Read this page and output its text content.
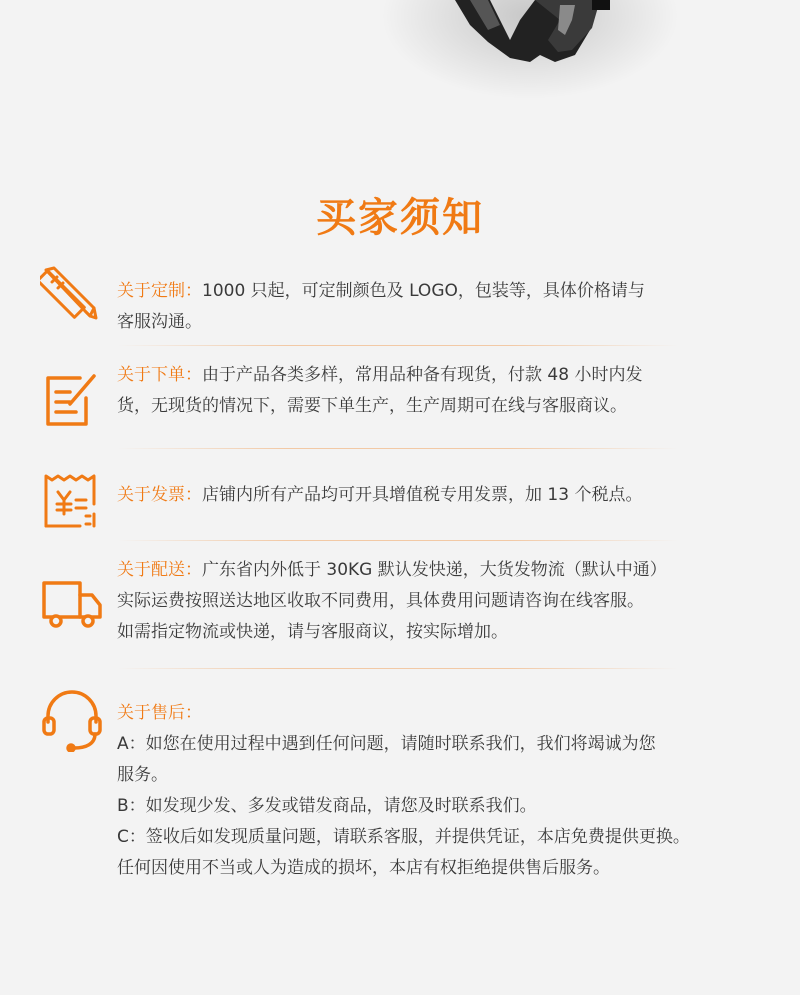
买家须知
关于定制：1000 只起，可定制颜色及 LOGO，包装等，具体价格请与
客服沟通。
关于下单：由于产品各类多样，常用品种备有现货，付款 48 小时内发
货，无现货的情况下，需要下单生产，生产周期可在线与客服商议。
关于发票：店铺内所有产品均可开具增值税专用发票，加 13 个税点。
关于配送：广东省内外低于 30KG 默认发快递，大货发物流（默认中通）
实际运费按照送达地区收取不同费用，具体费用问题请咨询在线客服。
如需指定物流或快递，请与客服商议，按实际增加。
关于售后：
A：如您在使用过程中遇到任何问题，请随时联系我们，我们将竭诚为您
服务。
B：如发现少发、多发或错发商品，请您及时联系我们。
C：签收后如发现质量问题，请联系客服，并提供凭证，本店免费提供更换。
任何因使用不当或人为造成的损坏，本店有权拒绝提供售后服务。
